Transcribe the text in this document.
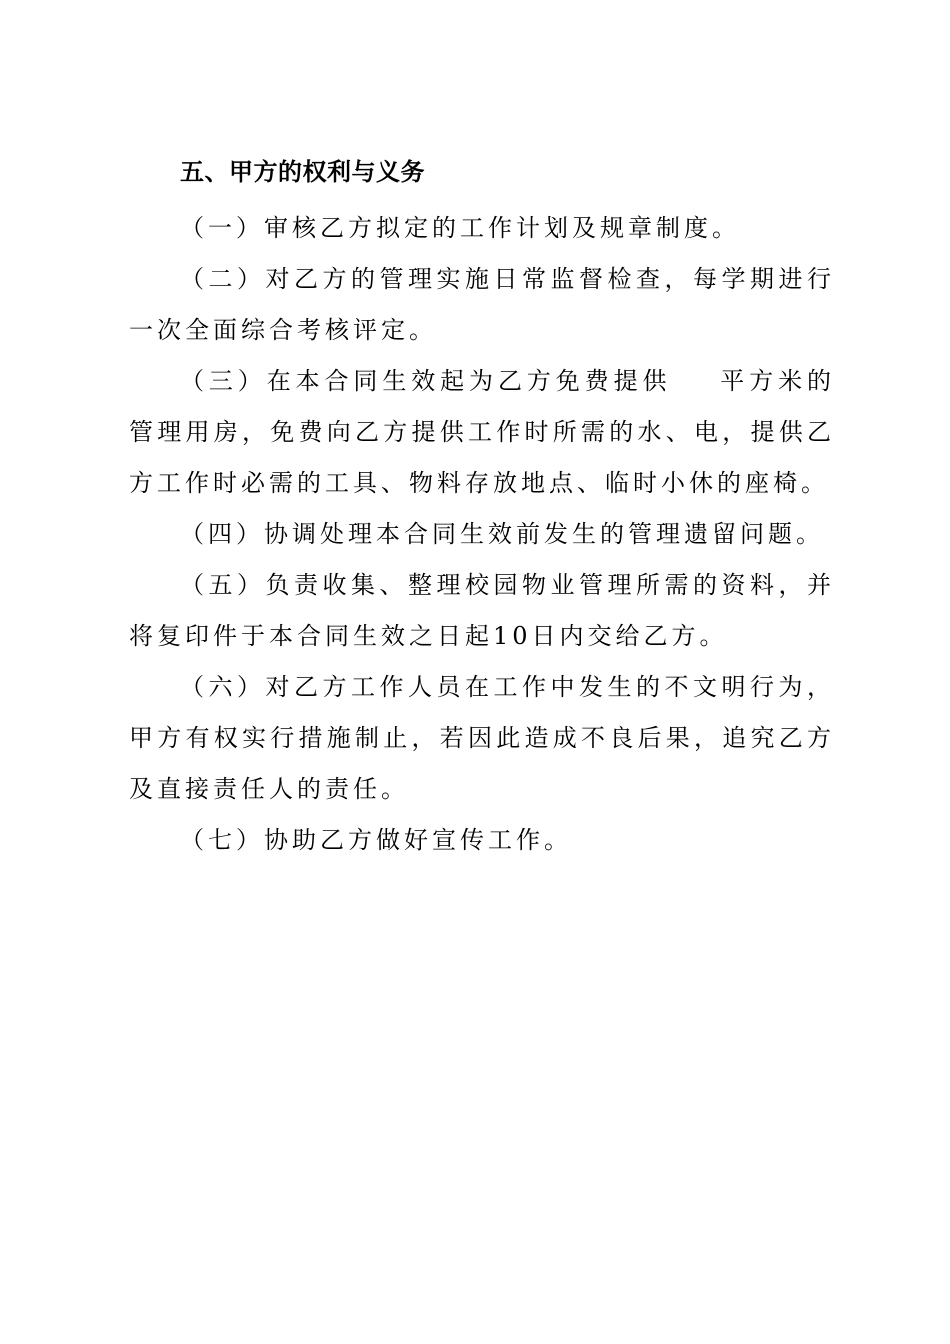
五、甲方的权利与义务

（一）审核乙方拟定的工作计划及规章制度。

（二）对乙方的管理实施日常监督检查，每学期进行一次全面综合考核评定。

（三）在本合同生效起为乙方免费提供 平方米的管理用房，免费向乙方提供工作时所需的水、电，提供乙方工作时必需的工具、物料存放地点、临时小休的座椅。

（四）协调处理本合同生效前发生的管理遗留问题。

（五）负责收集、整理校园物业管理所需的资料，并将复印件于本合同生效之日起10日内交给乙方。

（六）对乙方工作人员在工作中发生的不文明行为，甲方有权实行措施制止，若因此造成不良后果，追究乙方及直接责任人的责任。

（七）协助乙方做好宣传工作。
